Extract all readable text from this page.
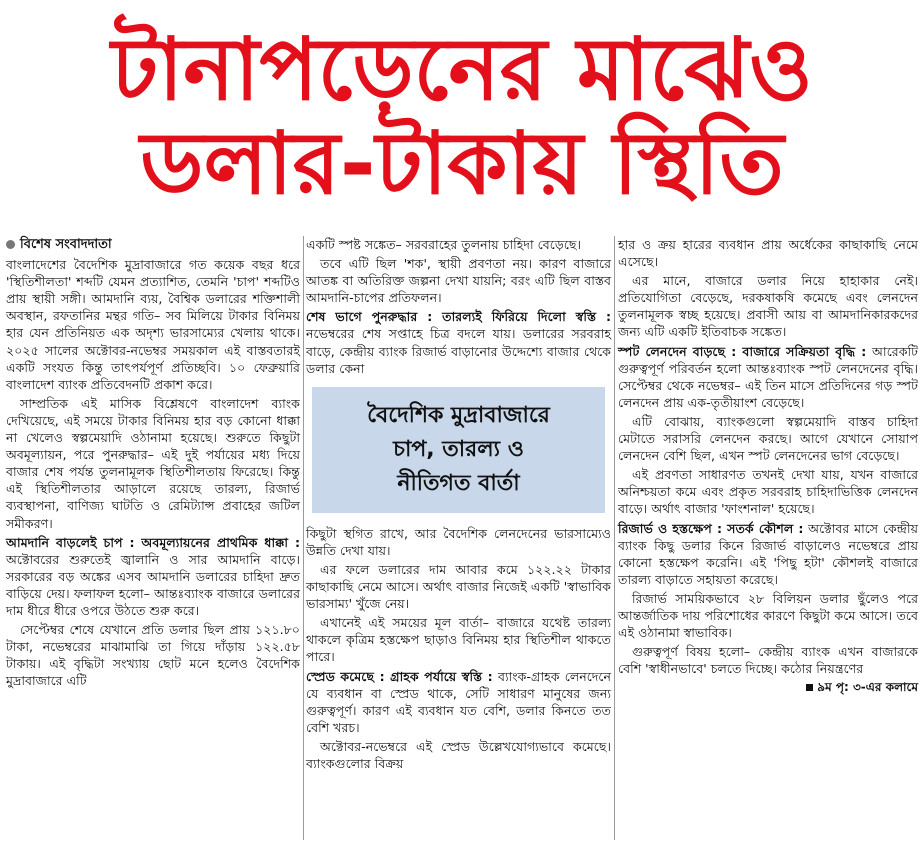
টানাপড়েনের মাঝেও
ডলার-টাকায় স্থিতি
বিশেষ সংবাদদাতা

বাংলাদেশের বৈদেশিক মুদ্রাবাজারে গত কয়েক বছর ধরে 'স্থিতিশীলতা' শব্দটি যেমন প্রত্যাশিত, তেমনি 'চাপ' শব্দটিও প্রায় স্থায়ী সঙ্গী। আমদানি ব্যয়, বৈশ্বিক ডলারের শক্তিশালী অবস্থান, রফতানির মন্থর গতি– সব মিলিয়ে টাকার বিনিময় হার যেন প্রতিনিয়ত এক অদৃশ্য ভারসাম্যের খেলায় থাকে। ২০২৫ সালের অক্টোবর-নভেম্বর সময়কাল এই বাস্তবতারই একটি সংযত কিন্তু তাৎপর্যপূর্ণ প্রতিচ্ছবি। ১০ ফেব্রুয়ারি বাংলাদেশ ব্যাংক প্রতিবেদনটি প্রকাশ করে।

সাম্প্রতিক এই মাসিক বিশ্লেষণে বাংলাদেশ ব্যাংক দেখিয়েছে, এই সময়ে টাকার বিনিময় হার বড় কোনো ধাক্কা না খেলেও স্বল্পমেয়াদি ওঠানামা হয়েছে। শুরুতে কিছুটা অবমূল্যায়ন, পরে পুনরুদ্ধার– এই দুই পর্যায়ের মধ্য দিয়ে বাজার শেষ পর্যন্ত তুলনামূলক স্থিতিশীলতায় ফিরেছে। কিন্তু এই স্থিতিশীলতার আড়ালে রয়েছে তারল্য, রিজার্ভ ব্যবস্থাপনা, বাণিজ্য ঘাটতি ও রেমিট্যান্স প্রবাহের জটিল সমীকরণ।

আমদানি বাড়লেই চাপ : অবমূল্যায়নের প্রাথমিক ধাক্কা : অক্টোবরের শুরুতেই জ্বালানি ও সার আমদানি বাড়ে। সরকারের বড় অঙ্কের এসব আমদানি ডলারের চাহিদা দ্রুত বাড়িয়ে দেয়। ফলাফল হলো– আন্তঃব্যাংক বাজারে ডলারের দাম ধীরে ধীরে ওপরে উঠতে শুরু করে।

সেপ্টেম্বর শেষে যেখানে প্রতি ডলার ছিল প্রায় ১২১.৮০ টাকা, নভেম্বরের মাঝামাঝি তা গিয়ে দাঁড়ায় ১২২.৫৮ টাকায়। এই বৃদ্ধিটা সংখ্যায় ছোট মনে হলেও বৈদেশিক মুদ্রাবাজারে এটি

একটি স্পষ্ট সঙ্কেত– সরবরাহের তুলনায় চাহিদা বেড়েছে।

তবে এটি ছিল 'শক', স্থায়ী প্রবণতা নয়। কারণ বাজারে আতঙ্ক বা অতিরিক্ত জল্পনা দেখা যায়নি; বরং এটি ছিল বাস্তব আমদানি-চাপের প্রতিফলন।

শেষ ভাগে পুনরুদ্ধার : তারল্যই ফিরিয়ে দিলো স্বস্তি : নভেম্বরের শেষ সপ্তাহে চিত্র বদলে যায়। ডলারের সরবরাহ বাড়ে, কেন্দ্রীয় ব্যাংক রিজার্ভ বাড়ানোর উদ্দেশ্যে বাজার থেকে ডলার কেনা

বৈদেশিক মুদ্রাবাজারে
চাপ, তারল্য ও
নীতিগত বার্তা

কিছুটা স্থগিত রাখে, আর বৈদেশিক লেনদেনের ভারসাম্যেও উন্নতি দেখা যায়।

এর ফলে ডলারের দাম আবার কমে ১২২.২২ টাকার কাছাকাছি নেমে আসে। অর্থাৎ বাজার নিজেই একটি 'স্বাভাবিক ভারসাম্য' খুঁজে নেয়।

এখানেই এই সময়ের মূল বার্তা– বাজারে যথেষ্ট তারল্য থাকলে কৃত্রিম হস্তক্ষেপ ছাড়াও বিনিময় হার স্থিতিশীল থাকতে পারে।

স্প্রেড কমেছে : গ্রাহক পর্যায়ে স্বস্তি : ব্যাংক-গ্রাহক লেনদেনে যে ব্যবধান বা স্প্রেড থাকে, সেটি সাধারণ মানুষের জন্য গুরুত্বপূর্ণ। কারণ এই ব্যবধান যত বেশি, ডলার কিনতে তত বেশি খরচ।

অক্টোবর-নভেম্বরে এই স্প্রেড উল্লেখযোগ্যভাবে কমেছে। ব্যাংকগুলোর বিক্রয়

হার ও ক্রয় হারের ব্যবধান প্রায় অর্ধেকের কাছাকাছি নেমে এসেছে।

এর মানে, বাজারে ডলার নিয়ে হাহাকার নেই। প্রতিযোগিতা বেড়েছে, দরকষাকষি কমেছে এবং লেনদেন তুলনামূলক স্বচ্ছ হয়েছে। প্রবাসী আয় বা আমদানিকারকদের জন্য এটি একটি ইতিবাচক সঙ্কেত।

স্পট লেনদেন বাড়ছে : বাজারে সক্রিয়তা বৃদ্ধি : আরেকটি গুরুত্বপূর্ণ পরিবর্তন হলো আন্তঃব্যাংক স্পট লেনদেনের বৃদ্ধি। সেপ্টেম্বর থেকে নভেম্বর– এই তিন মাসে প্রতিদিনের গড় স্পট লেনদেন প্রায় এক-তৃতীয়াংশ বেড়েছে।

এটি বোঝায়, ব্যাংকগুলো স্বল্পমেয়াদি বাস্তব চাহিদা মেটাতে সরাসরি লেনদেন করছে। আগে যেখানে সোয়াপ লেনদেন বেশি ছিল, এখন স্পট লেনদেনের ভাগ বেড়েছে।

এই প্রবণতা সাধারণত তখনই দেখা যায়, যখন বাজারে অনিশ্চয়তা কমে এবং প্রকৃত সরবরাহ চাহিদাভিত্তিক লেনদেন বাড়ে। অর্থাৎ বাজার 'ফাংশনাল' হয়েছে।

রিজার্ভ ও হস্তক্ষেপ : সতর্ক কৌশল : অক্টোবর মাসে কেন্দ্রীয় ব্যাংক কিছু ডলার কিনে রিজার্ভ বাড়ালেও নভেম্বরে প্রায় কোনো হস্তক্ষেপ করেনি। এই 'পিছু হটা' কৌশলই বাজারে তারল্য বাড়াতে সহায়তা করেছে।

রিজার্ভ সাময়িকভাবে ২৮ বিলিয়ন ডলার ছুঁলেও পরে আন্তর্জাতিক দায় পরিশোধের কারণে কিছুটা কমে আসে। তবে এই ওঠানামা স্বাভাবিক।

গুরুত্বপূর্ণ বিষয় হলো– কেন্দ্রীয় ব্যাংক এখন বাজারকে বেশি 'স্বাধীনভাবে' চলতে দিচ্ছে। কঠোর নিয়ন্ত্রণের

৯ম পৃ: ৩-এর কলামে
